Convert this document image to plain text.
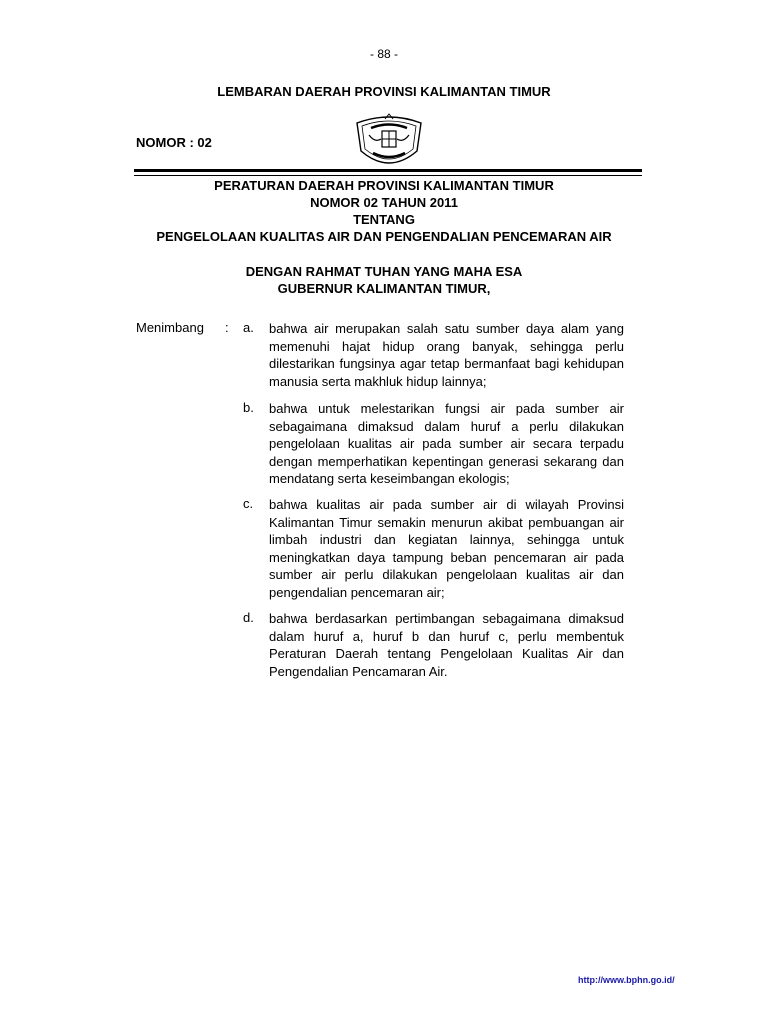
- 88 -
LEMBARAN DAERAH PROVINSI KALIMANTAN TIMUR
NOMOR : 02
PERATURAN DAERAH PROVINSI KALIMANTAN TIMUR
NOMOR 02 TAHUN 2011
TENTANG
PENGELOLAAN KUALITAS AIR DAN PENGENDALIAN PENCEMARAN AIR
DENGAN RAHMAT TUHAN YANG MAHA ESA
GUBERNUR KALIMANTAN TIMUR,
Menimbang : a. bahwa air merupakan salah satu sumber daya alam yang memenuhi hajat hidup orang banyak, sehingga perlu dilestarikan fungsinya agar tetap bermanfaat bagi kehidupan manusia serta makhluk hidup lainnya;
b. bahwa untuk melestarikan fungsi air pada sumber air sebagaimana dimaksud dalam huruf a perlu dilakukan pengelolaan kualitas air pada sumber air secara terpadu dengan memperhatikan kepentingan generasi sekarang dan mendatang serta keseimbangan ekologis;
c. bahwa kualitas air pada sumber air di wilayah Provinsi Kalimantan Timur semakin menurun akibat pembuangan air limbah industri dan kegiatan lainnya, sehingga untuk meningkatkan daya tampung beban pencemaran air pada sumber air perlu dilakukan pengelolaan kualitas air dan pengendalian pencemaran air;
d. bahwa berdasarkan pertimbangan sebagaimana dimaksud dalam huruf a, huruf b dan huruf c, perlu membentuk Peraturan Daerah tentang Pengelolaan Kualitas Air dan Pengendalian Pencamaran Air.
http://www.bphn.go.id/
